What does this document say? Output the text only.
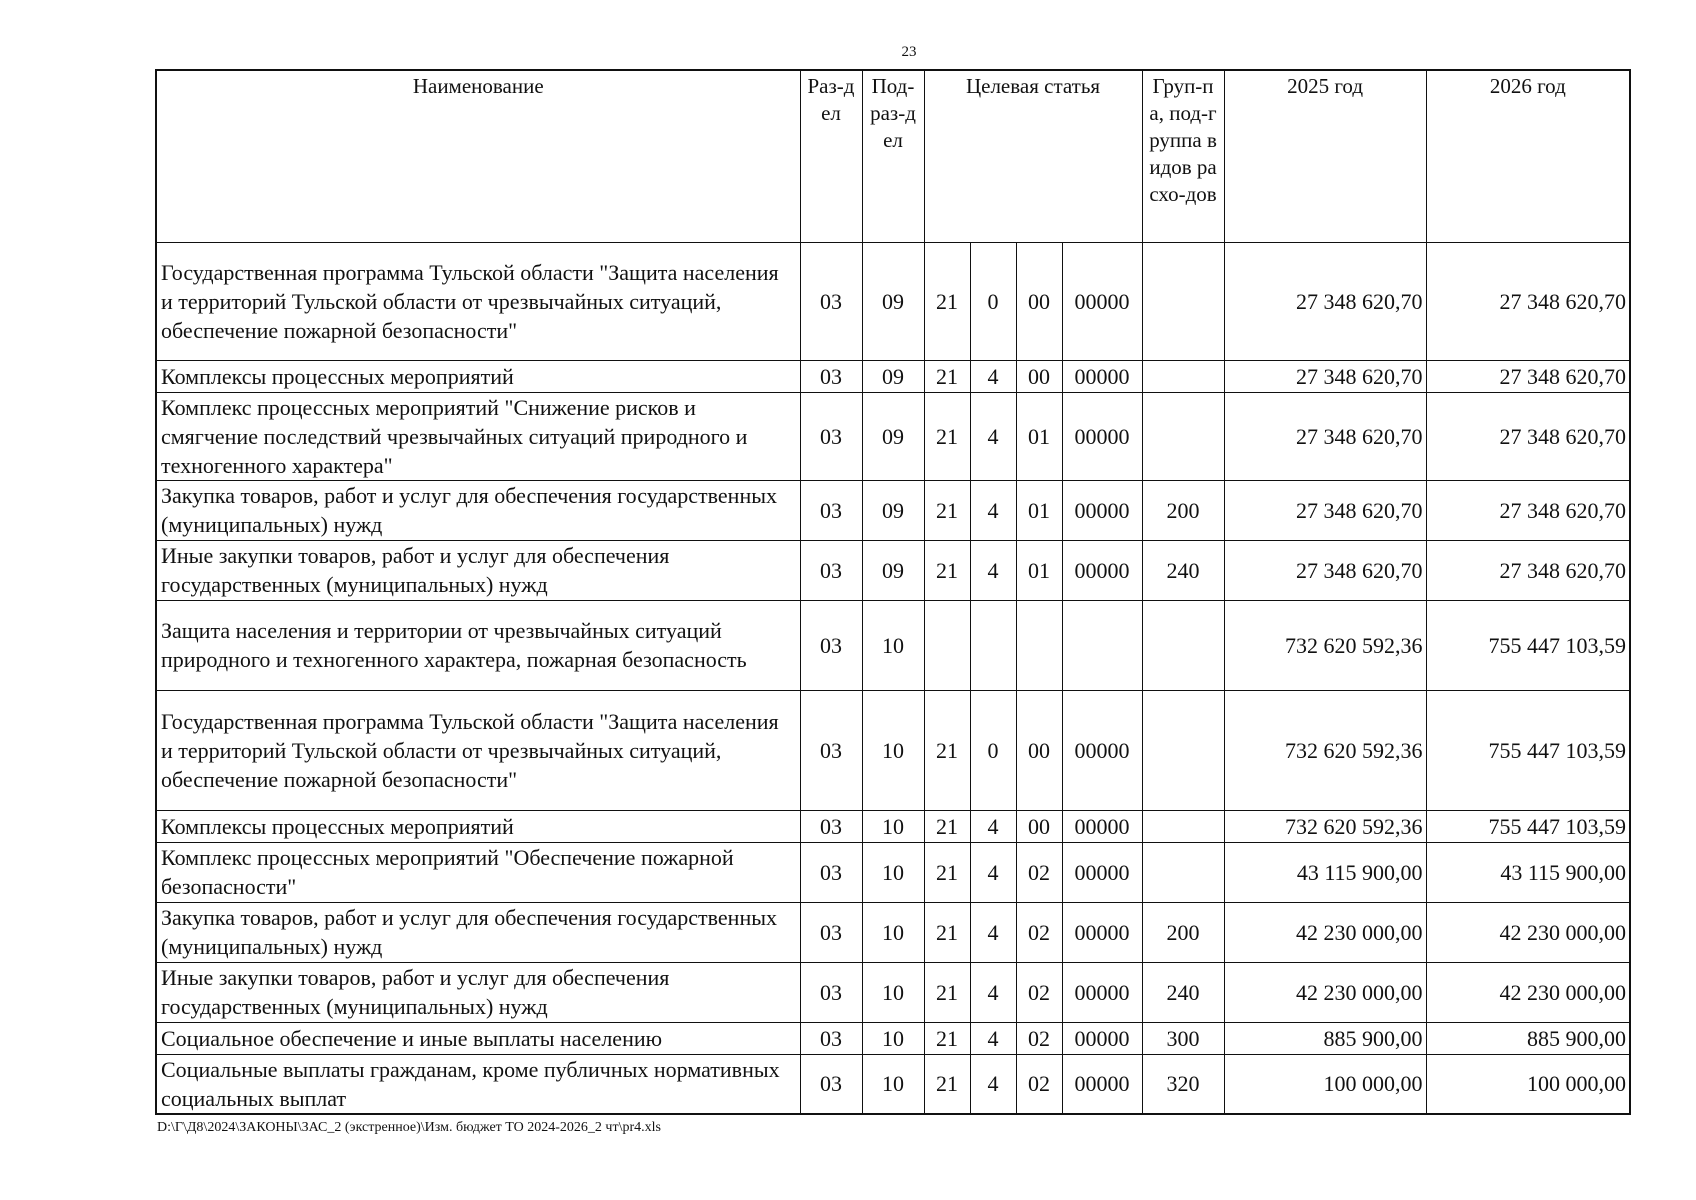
23
Наименование	Раз-дел	Под-раз-дел	Целевая статья				Груп-па, под-группа видов расхо-дов	2025 год	2026 год
Государственная программа Тульской области "Защита населения и территорий Тульской области от чрезвычайных ситуаций, обеспечение пожарной безопасности"	03	09	21	0	00	00000		27 348 620,70	27 348 620,70
Комплексы процессных мероприятий	03	09	21	4	00	00000		27 348 620,70	27 348 620,70
Комплекс процессных мероприятий "Снижение рисков и смягчение последствий чрезвычайных ситуаций природного и техногенного характера"	03	09	21	4	01	00000		27 348 620,70	27 348 620,70
Закупка товаров, работ и услуг для обеспечения государственных (муниципальных) нужд	03	09	21	4	01	00000	200	27 348 620,70	27 348 620,70
Иные закупки товаров, работ и услуг для обеспечения государственных (муниципальных) нужд	03	09	21	4	01	00000	240	27 348 620,70	27 348 620,70
Защита населения и территории от чрезвычайных ситуаций природного и техногенного характера, пожарная безопасность	03	10						732 620 592,36	755 447 103,59
Государственная программа Тульской области "Защита населения и территорий Тульской области от чрезвычайных ситуаций, обеспечение пожарной безопасности"	03	10	21	0	00	00000		732 620 592,36	755 447 103,59
Комплексы процессных мероприятий	03	10	21	4	00	00000		732 620 592,36	755 447 103,59
Комплекс процессных мероприятий "Обеспечение пожарной безопасности"	03	10	21	4	02	00000		43 115 900,00	43 115 900,00
Закупка товаров, работ и услуг для обеспечения государственных (муниципальных) нужд	03	10	21	4	02	00000	200	42 230 000,00	42 230 000,00
Иные закупки товаров, работ и услуг для обеспечения государственных (муниципальных) нужд	03	10	21	4	02	00000	240	42 230 000,00	42 230 000,00
Социальное обеспечение и иные выплаты населению	03	10	21	4	02	00000	300	885 900,00	885 900,00
Социальные выплаты гражданам, кроме публичных нормативных социальных выплат	03	10	21	4	02	00000	320	100 000,00	100 000,00
D:\Г\Д8\2024\ЗАКОНЫ\ЗАС_2 (экстренное)\Изм. бюджет ТО 2024-2026_2 чт\pr4.xls
